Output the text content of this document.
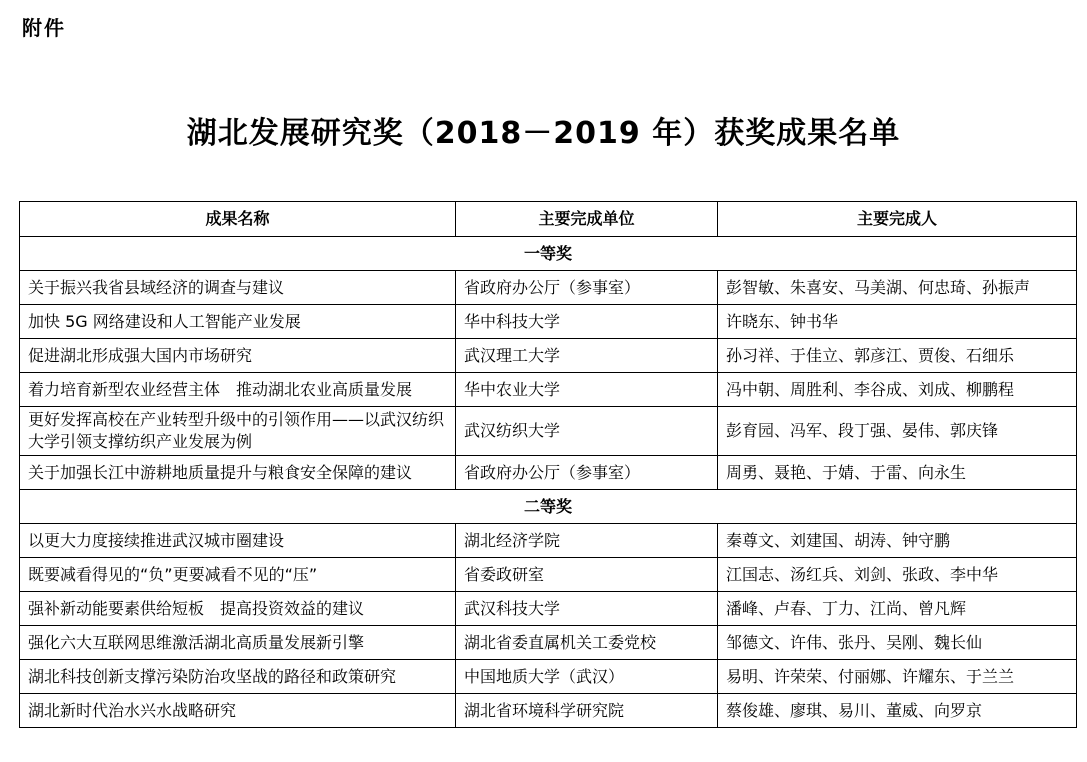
附件
湖北发展研究奖（2018－2019 年）获奖成果名单
成果名称	主要完成单位	主要完成人
一等奖		
关于振兴我省县域经济的调查与建议	省政府办公厅（参事室）	彭智敏、朱喜安、马美湖、何忠琦、孙振声
加快 5G 网络建设和人工智能产业发展	华中科技大学	许晓东、钟书华
促进湖北形成强大国内市场研究	武汉理工大学	孙习祥、于佳立、郭彦江、贾俊、石细乐
着力培育新型农业经营主体　推动湖北农业高质量发展	华中农业大学	冯中朝、周胜利、李谷成、刘成、柳鹏程
更好发挥高校在产业转型升级中的引领作用——以武汉纺织大学引领支撑纺织产业发展为例	武汉纺织大学	彭育园、冯军、段丁强、晏伟、郭庆锋
关于加强长江中游耕地质量提升与粮食安全保障的建议	省政府办公厅（参事室）	周勇、聂艳、于婧、于雷、向永生
二等奖		
以更大力度接续推进武汉城市圈建设	湖北经济学院	秦尊文、刘建国、胡涛、钟守鹏
既要减看得见的“负”更要减看不见的“压”	省委政研室	江国志、汤红兵、刘剑、张政、李中华
强补新动能要素供给短板　提高投资效益的建议	武汉科技大学	潘峰、卢春、丁力、江尚、曾凡辉
强化六大互联网思维激活湖北高质量发展新引擎	湖北省委直属机关工委党校	邹德文、许伟、张丹、吴刚、魏长仙
湖北科技创新支撑污染防治攻坚战的路径和政策研究	中国地质大学（武汉）	易明、许荣荣、付丽娜、许耀东、于兰兰
湖北新时代治水兴水战略研究	湖北省环境科学研究院	蔡俊雄、廖琪、易川、董威、向罗京
